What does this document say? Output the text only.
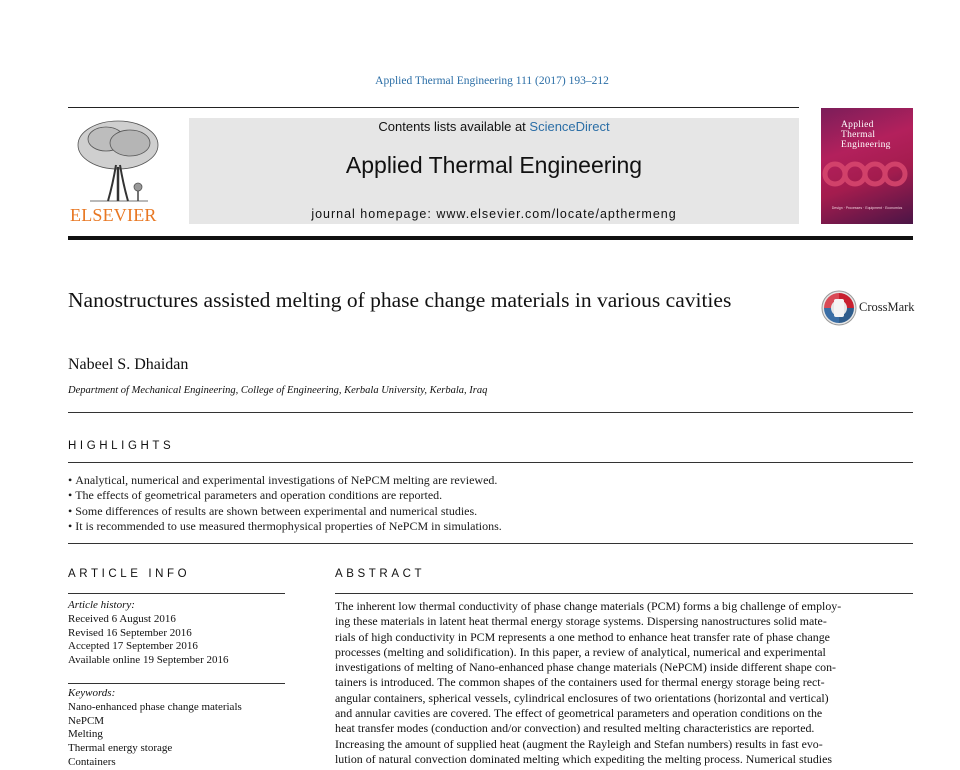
Applied Thermal Engineering 111 (2017) 193–212
ELSEVIER
Contents lists available at ScienceDirect
Applied Thermal Engineering
journal homepage: www.elsevier.com/locate/apthermeng
Applied
Thermal
Engineering
Design · Processes · Equipment · Economics
Nanostructures assisted melting of phase change materials in various cavities	CrossMark
Nabeel S. Dhaidan
Department of Mechanical Engineering, College of Engineering, Kerbala University, Kerbala, Iraq
HIGHLIGHTS
• Analytical, numerical and experimental investigations of NePCM melting are reviewed.
• The effects of geometrical parameters and operation conditions are reported.
• Some differences of results are shown between experimental and numerical studies.
• It is recommended to use measured thermophysical properties of NePCM in simulations.
ARTICLE INFO
Article history:
Received 6 August 2016
Revised 16 September 2016
Accepted 17 September 2016
Available online 19 September 2016
Keywords:
Nano-enhanced phase change materials
NePCM
Melting
Thermal energy storage
Containers
ABSTRACT
The inherent low thermal conductivity of phase change materials (PCM) forms a big challenge of employ-
ing these materials in latent heat thermal energy storage systems. Dispersing nanostructures solid mate-
rials of high conductivity in PCM represents a one method to enhance heat transfer rate of phase change
processes (melting and solidification). In this paper, a review of analytical, numerical and experimental
investigations of melting of Nano-enhanced phase change materials (NePCM) inside different shape con-
tainers is introduced. The common shapes of the containers used for thermal energy storage being rect-
angular containers, spherical vessels, cylindrical enclosures of two orientations (horizontal and vertical)
and annular cavities are covered. The effect of geometrical parameters and operation conditions on the
heat transfer modes (conduction and/or convection) and resulted melting characteristics are reported.
Increasing the amount of supplied heat (augment the Rayleigh and Stefan numbers) results in fast evo-
lution of natural convection dominated melting which expediting the melting process. Numerical studies
